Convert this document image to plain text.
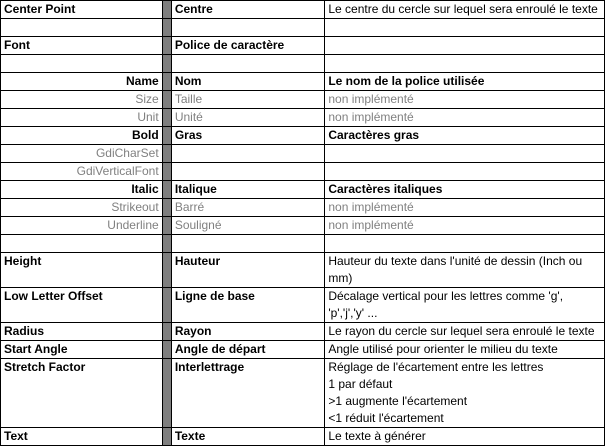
Center Point		Centre	Le centre du cercle sur lequel sera enroulé le texte

Font		Police de caractère	

Name		Nom	Le nom de la police utilisée
Size		Taille	non implémenté
Unit		Unité	non implémenté
Bold		Gras	Caractères gras
GdiCharSet			
GdiVerticalFont			
Italic		Italique	Caractères italiques
Strikeout		Barré	non implémenté
Underline		Souligné	non implémenté

Height		Hauteur	Hauteur du texte dans l'unité de dessin (Inch ou mm)
Low Letter Offset		Ligne de base	Décalage vertical pour les lettres comme 'g', 'p','j','y' ...
Radius		Rayon	Le rayon du cercle sur lequel sera enroulé le texte
Start Angle		Angle de départ	Angle utilisé pour orienter le milieu du texte
Stretch Factor		Interlettrage	Réglage de l'écartement entre les lettres
1 par défaut
>1 augmente l'écartement
<1 réduit l'écartement
Text		Texte	Le texte à générer
